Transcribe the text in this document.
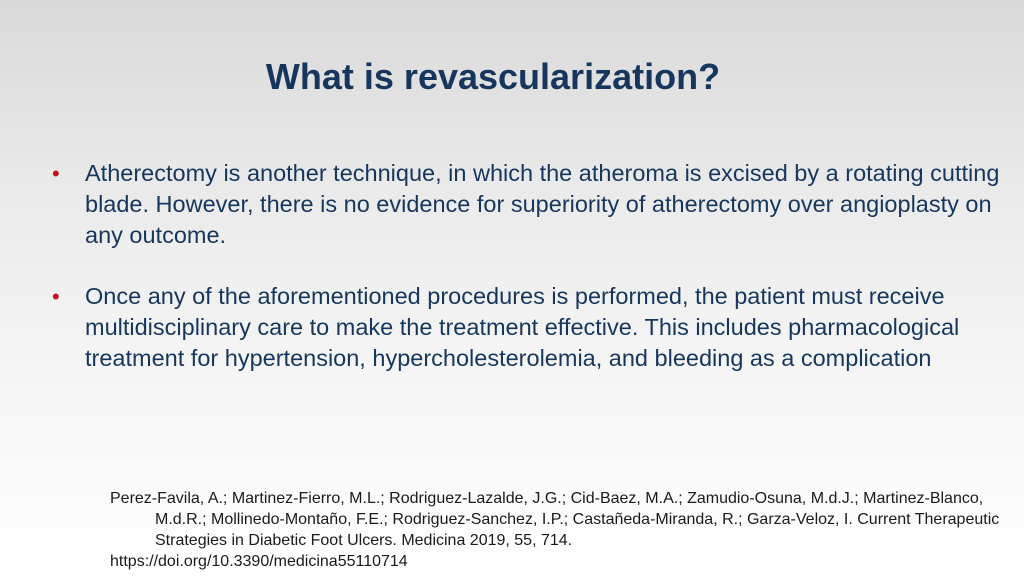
What is revascularization?
• Atherectomy is another technique, in which the atheroma is excised by a rotating cutting blade. However, there is no evidence for superiority of atherectomy over angioplasty on any outcome.
• Once any of the aforementioned procedures is performed, the patient must receive multidisciplinary care to make the treatment effective. This includes pharmacological treatment for hypertension, hypercholesterolemia, and bleeding as a complication
Perez-Favila, A.; Martinez-Fierro, M.L.; Rodriguez-Lazalde, J.G.; Cid-Baez, M.A.; Zamudio-Osuna, M.d.J.; Martinez-Blanco, M.d.R.; Mollinedo-Montaño, F.E.; Rodriguez-Sanchez, I.P.; Castañeda-Miranda, R.; Garza-Veloz, I. Current Therapeutic Strategies in Diabetic Foot Ulcers. Medicina 2019, 55, 714.
https://doi.org/10.3390/medicina55110714
